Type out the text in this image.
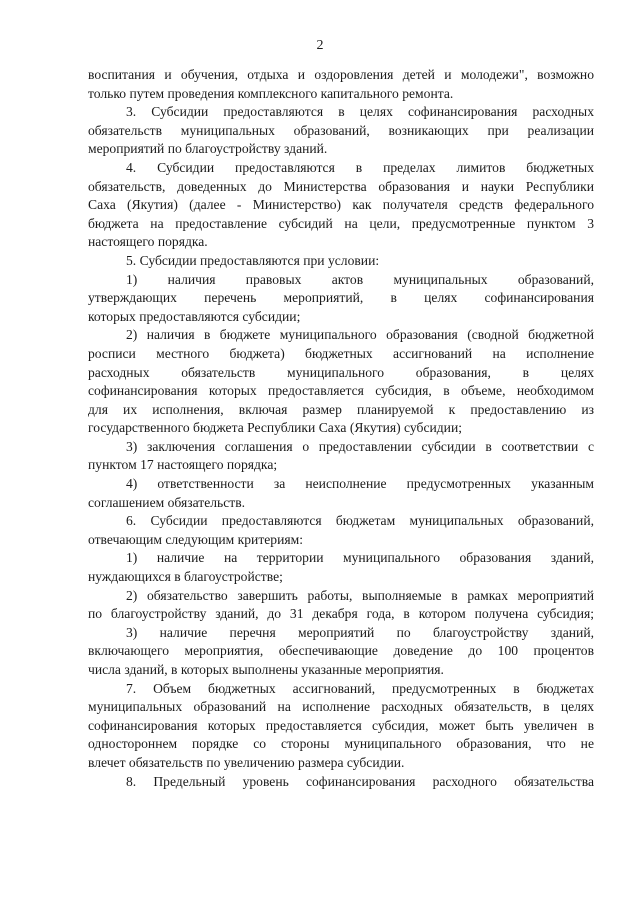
2
воспитания и обучения, отдыха и оздоровления детей и молодежи", возможно
только путем проведения комплексного капитального ремонта.
3. Субсидии предоставляются в целях софинансирования расходных
обязательств муниципальных образований, возникающих при реализации
мероприятий по благоустройству зданий.
4. Субсидии предоставляются в пределах лимитов бюджетных
обязательств, доведенных до Министерства образования и науки Республики
Саха (Якутия) (далее - Министерство) как получателя средств федерального
бюджета на предоставление субсидий на цели, предусмотренные пунктом 3
настоящего порядка.
5. Субсидии предоставляются при условии:
1) наличия правовых актов муниципальных образований,
утверждающих перечень мероприятий, в целях софинансирования
которых предоставляются субсидии;
2) наличия в бюджете муниципального образования (сводной бюджетной
росписи местного бюджета) бюджетных ассигнований на исполнение
расходных обязательств муниципального образования, в целях
софинансирования которых предоставляется субсидия, в объеме, необходимом
для их исполнения, включая размер планируемой к предоставлению из
государственного бюджета Республики Саха (Якутия) субсидии;
3) заключения соглашения о предоставлении субсидии в соответствии с
пунктом 17 настоящего порядка;
4) ответственности за неисполнение предусмотренных указанным
соглашением обязательств.
6. Субсидии предоставляются бюджетам муниципальных образований,
отвечающим следующим критериям:
1) наличие на территории муниципального образования зданий,
нуждающихся в благоустройстве;
2) обязательство завершить работы, выполняемые в рамках мероприятий
по благоустройству зданий, до 31 декабря года, в котором получена субсидия;
3) наличие перечня мероприятий по благоустройству зданий,
включающего мероприятия, обеспечивающие доведение до 100 процентов
числа зданий, в которых выполнены указанные мероприятия.
7. Объем бюджетных ассигнований, предусмотренных в бюджетах
муниципальных образований на исполнение расходных обязательств, в целях
софинансирования которых предоставляется субсидия, может быть увеличен в
одностороннем порядке со стороны муниципального образования, что не
влечет обязательств по увеличению размера субсидии.
8. Предельный уровень софинансирования расходного обязательства
